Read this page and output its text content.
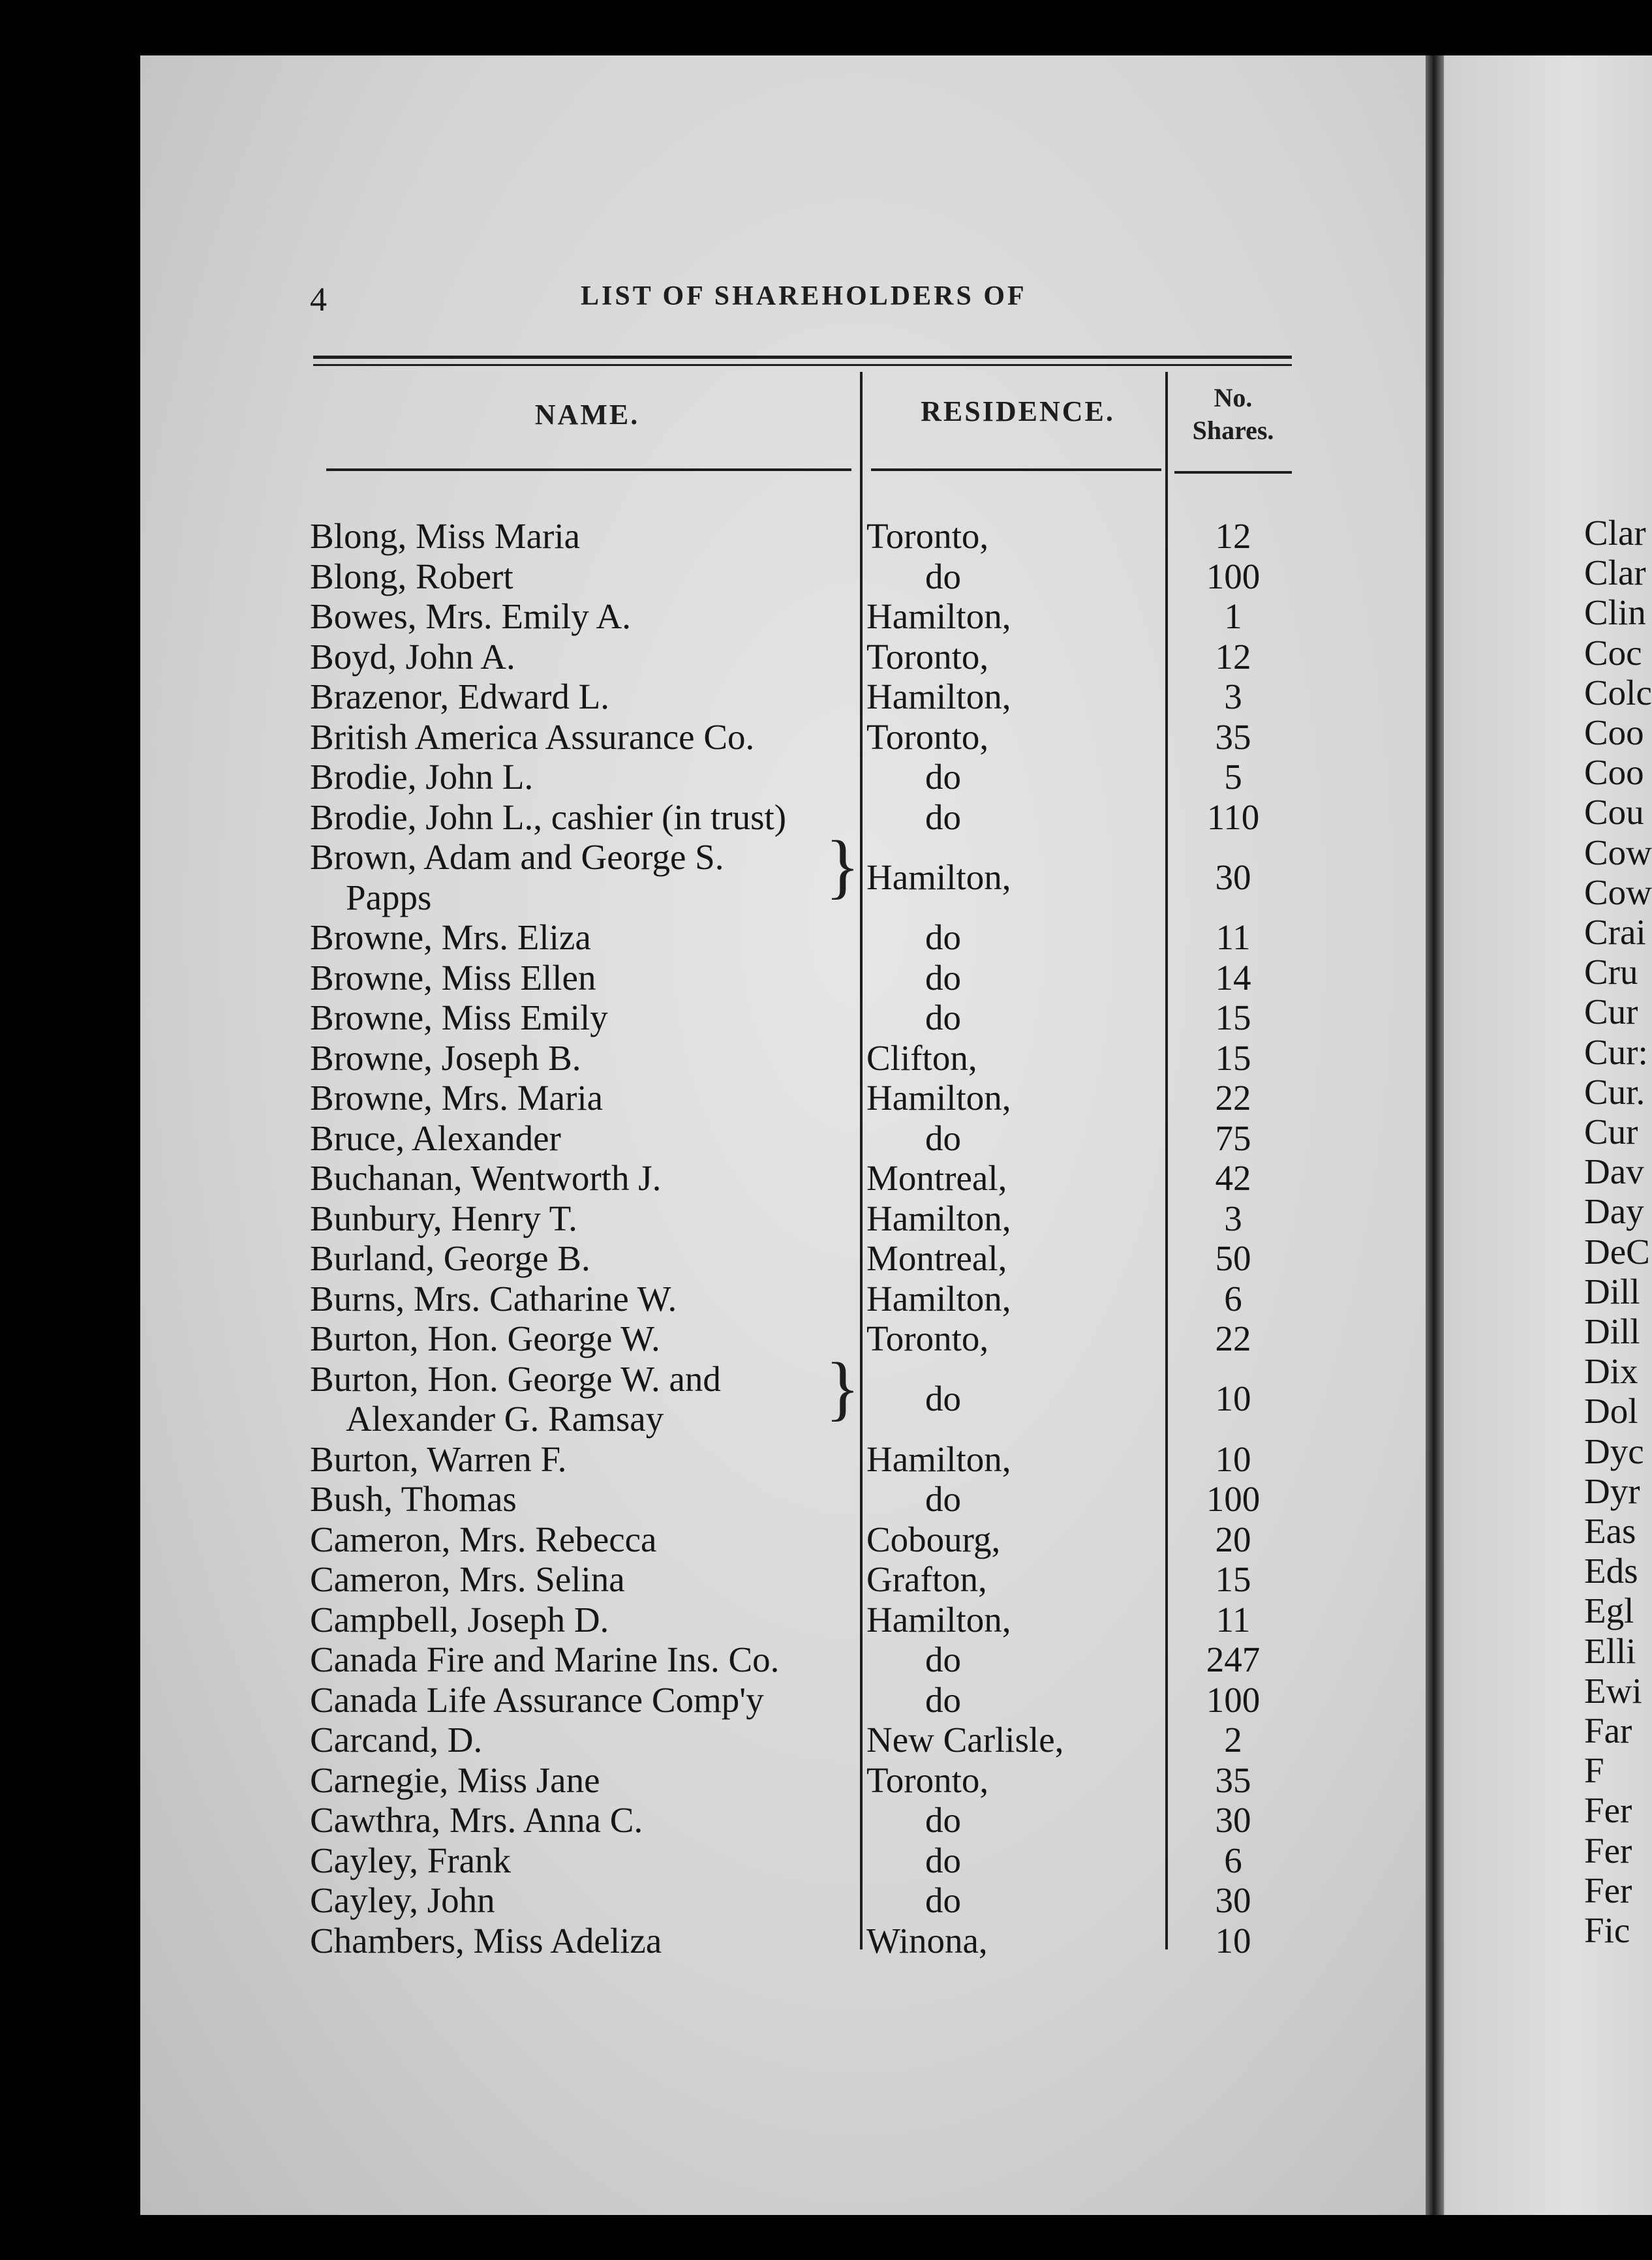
4	LIST OF SHAREHOLDERS OF
NAME.	RESIDENCE.	No.
Shares.
Blong, Miss Maria	Toronto,	12
Blong, Robert	do	100
Bowes, Mrs. Emily A.	Hamilton,	1
Boyd, John A.	Toronto,	12
Brazenor, Edward L.	Hamilton,	3
British America Assurance Co.	Toronto,	35
Brodie, John L.	do	5
Brodie, John L., cashier (in trust)	do	110
Brown, Adam and George S.
Papps	} Hamilton,	30
Browne, Mrs. Eliza	do	11
Browne, Miss Ellen	do	14
Browne, Miss Emily	do	15
Browne, Joseph B.	Clifton,	15
Browne, Mrs. Maria	Hamilton,	22
Bruce, Alexander	do	75
Buchanan, Wentworth J.	Montreal,	42
Bunbury, Henry T.	Hamilton,	3
Burland, George B.	Montreal,	50
Burns, Mrs. Catharine W.	Hamilton,	6
Burton, Hon. George W.	Toronto,	22
Burton, Hon. George W. and
Alexander G. Ramsay } do	10
Burton, Warren F.	Hamilton,	10
Bush, Thomas	do	100
Cameron, Mrs. Rebecca	Cobourg,	20
Cameron, Mrs. Selina	Grafton,	15
Campbell, Joseph D.	Hamilton,	11
Canada Fire and Marine Ins. Co.	do	247
Canada Life Assurance Comp'y	do	100
Carcand, D.	New Carlisle,	2
Carnegie, Miss Jane	Toronto,	35
Cawthra, Mrs. Anna C.	do	30
Cayley, Frank	do	6
Cayley, John	do	30
Chambers, Miss Adeliza	Winona,	10
Clar
Clar
Clin
Coc
Colc
Coo
Coo
Cou
Cow
Cow
Crai
Cru
Cur
Cur:
Cur.
Cur
Dav
Day
DeC
Dill
Dill
Dix
Dol
Dyc
Dyr
Eas
Eds
Egl
Elli
Ewi
Far
F
Fer
Fer
Fer
Fic
